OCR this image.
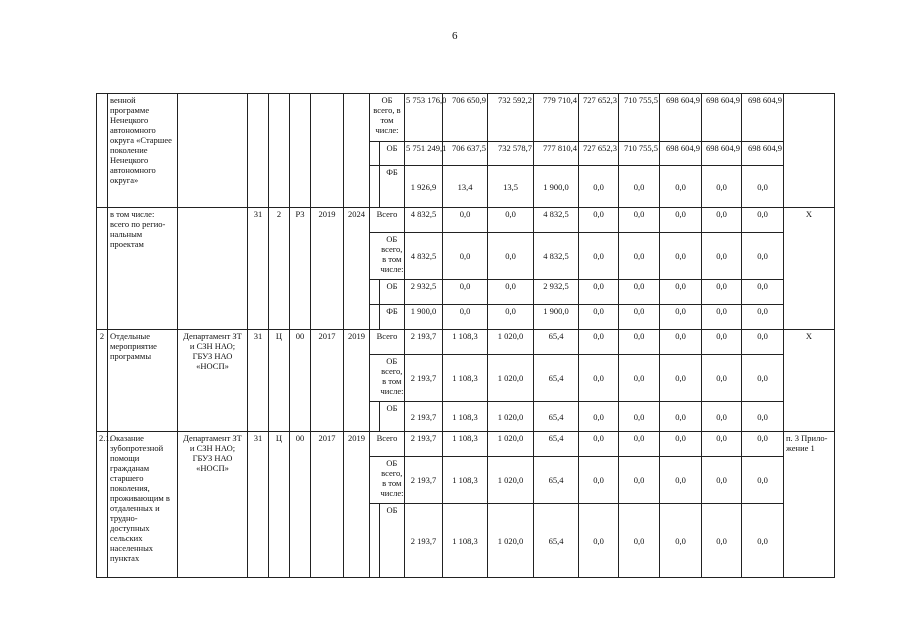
6
	венной программе Ненецкого автономного округа «Старшее поколение Ненецкого автономного округа»							ОБ всего, в том числе:		5 753 176,0	706 650,9	732 592,2	779 710,4	727 652,3	710 755,5	698 604,9	698 604,9	698 604,9	
									ОБ	5 751 249,1	706 637,5	732 578,7	777 810,4	727 652,3	710 755,5	698 604,9	698 604,9	698 604,9	
									ФБ	1 926,9	13,4	13,5	1 900,0	0,0	0,0	0,0	0,0	0,0	
	в том числе: всего по регио-нальным проектам		31	2	Р3	2019	2024	Всего		4 832,5	0,0	0,0	4 832,5	0,0	0,0	0,0	0,0	0,0	Х
									ОБ всего, в том числе:	4 832,5	0,0	0,0	4 832,5	0,0	0,0	0,0	0,0	0,0	
									ОБ	2 932,5	0,0	0,0	2 932,5	0,0	0,0	0,0	0,0	0,0	
									ФБ	1 900,0	0,0	0,0	1 900,0	0,0	0,0	0,0	0,0	0,0	
2	Отдельные мероприятие программы	Департамент ЗТ и СЗН НАО; ГБУЗ НАО «НОСП»	31	Ц	00	2017	2019	Всего		2 193,7	1 108,3	1 020,0	65,4	0,0	0,0	0,0	0,0	0,0	Х
									ОБ всего, в том числе:	2 193,7	1 108,3	1 020,0	65,4	0,0	0,0	0,0	0,0	0,0	
									ОБ	2 193,7	1 108,3	1 020,0	65,4	0,0	0,0	0,0	0,0	0,0	
2.1.	Оказание зубопротезной помощи гражданам старшего поколения, проживающим в отдаленных и трудно-доступных сельских населенных пунктах	Департамент ЗТ и СЗН НАО; ГБУЗ НАО «НОСП»	31	Ц	00	2017	2019	Всего		2 193,7	1 108,3	1 020,0	65,4	0,0	0,0	0,0	0,0	0,0	п. 3 Прило-жение 1
									ОБ всего, в том числе:	2 193,7	1 108,3	1 020,0	65,4	0,0	0,0	0,0	0,0	0,0	
									ОБ	2 193,7	1 108,3	1 020,0	65,4	0,0	0,0	0,0	0,0	0,0	
